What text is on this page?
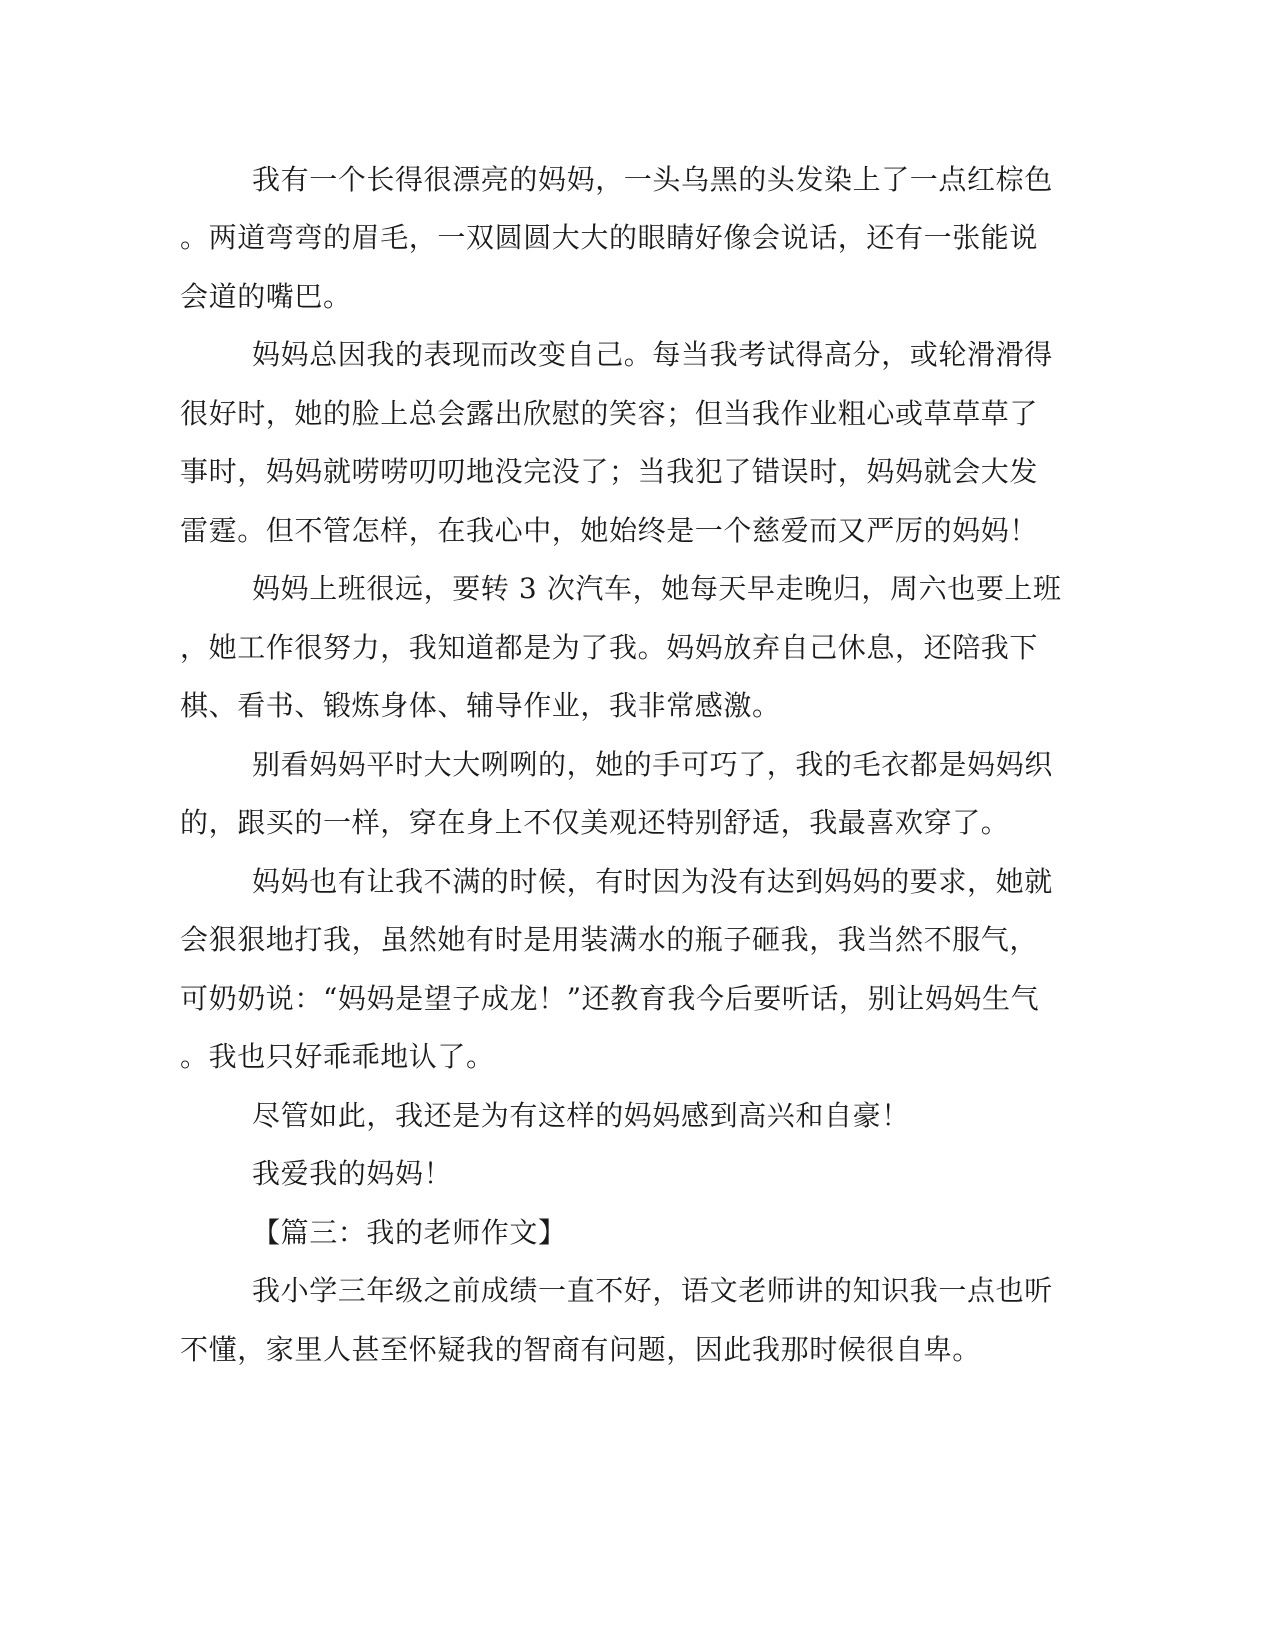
我有一个长得很漂亮的妈妈，一头乌黑的头发染上了一点红棕色
。两道弯弯的眉毛，一双圆圆大大的眼睛好像会说话，还有一张能说
会道的嘴巴。
妈妈总因我的表现而改变自己。每当我考试得高分，或轮滑滑得
很好时，她的脸上总会露出欣慰的笑容；但当我作业粗心或草草草了
事时，妈妈就唠唠叨叨地没完没了；当我犯了错误时，妈妈就会大发
雷霆。但不管怎样，在我心中，她始终是一个慈爱而又严厉的妈妈！
妈妈上班很远，要转 3 次汽车，她每天早走晚归，周六也要上班
，她工作很努力，我知道都是为了我。妈妈放弃自己休息，还陪我下
棋、看书、锻炼身体、辅导作业，我非常感激。
别看妈妈平时大大咧咧的，她的手可巧了，我的毛衣都是妈妈织
的，跟买的一样，穿在身上不仅美观还特别舒适，我最喜欢穿了。
妈妈也有让我不满的时候，有时因为没有达到妈妈的要求，她就
会狠狠地打我，虽然她有时是用装满水的瓶子砸我，我当然不服气，
可奶奶说：“妈妈是望子成龙！”还教育我今后要听话，别让妈妈生气
。我也只好乖乖地认了。
尽管如此，我还是为有这样的妈妈感到高兴和自豪！
我爱我的妈妈！
【篇三：我的老师作文】
我小学三年级之前成绩一直不好，语文老师讲的知识我一点也听
不懂，家里人甚至怀疑我的智商有问题，因此我那时候很自卑。
